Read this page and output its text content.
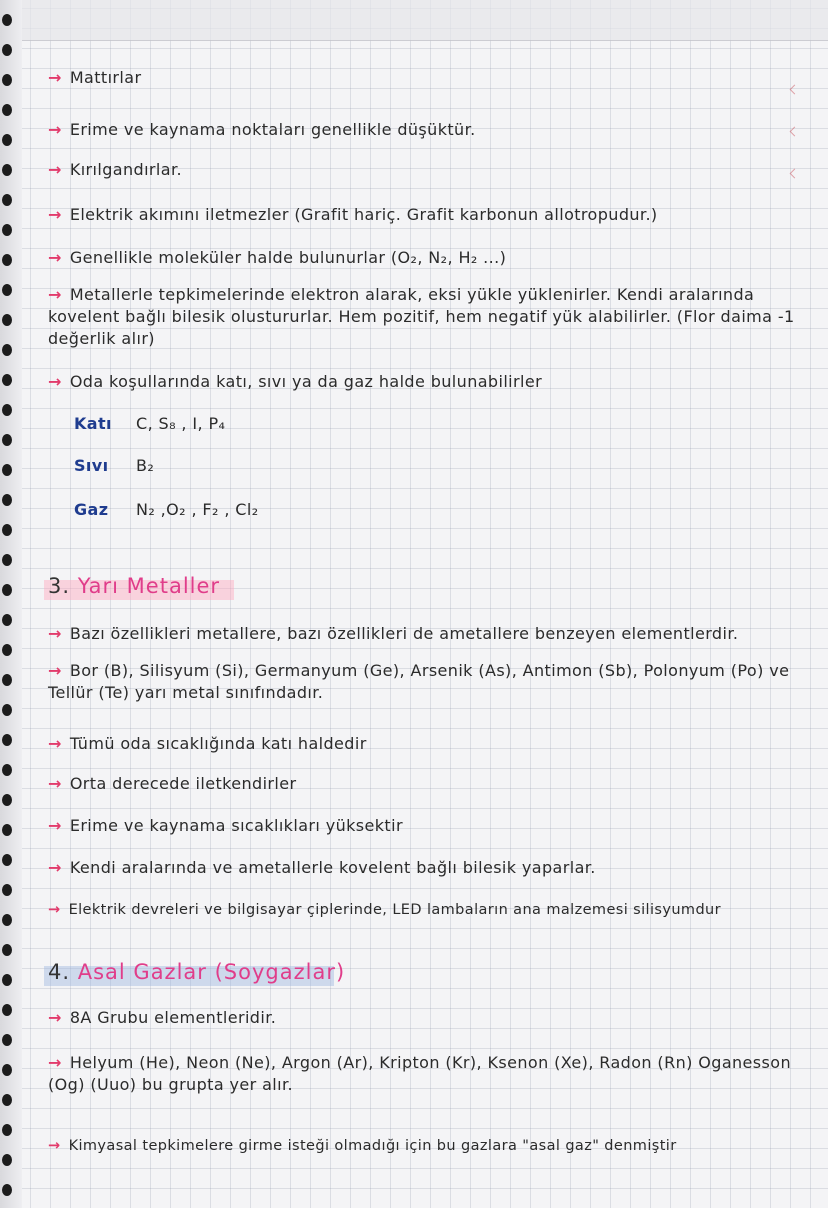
→ Mattırlar
→ Erime ve kaynama noktaları genellikle düşüktür.
→ Kırılgandırlar.
→ Elektrik akımını iletmezler (Grafit hariç. Grafit karbonun allotropudur.)
→ Genellikle moleküler halde bulunurlar (O₂, N₂, H₂ ...)
→ Metallerle tepkimelerinde elektron alarak, eksi yükle yüklenirler. Kendi aralarında kovelent bağlı bilesik olustururlar. Hem pozitif, hem negatif yük alabilirler. (Flor daima -1 değerlik alır)
→ Oda koşullarında katı, sıvı ya da gaz halde bulunabilirler
Katı C, S₈ , I, P₄
Sıvı B₂
Gaz N₂ ,O₂ , F₂ , Cl₂
3. Yarı Metaller
→ Bazı özellikleri metallere, bazı özellikleri de ametallere benzeyen elementlerdir.
→ Bor (B), Silisyum (Si), Germanyum (Ge), Arsenik (As), Antimon (Sb), Polonyum (Po) ve Tellür (Te) yarı metal sınıfındadır.
→ Tümü oda sıcaklığında katı haldedir
→ Orta derecede iletkendirler
→ Erime ve kaynama sıcaklıkları yüksektir
→ Kendi aralarında ve ametallerle kovelent bağlı bilesik yaparlar.
→ Elektrik devreleri ve bilgisayar çiplerinde, LED lambaların ana malzemesi silisyumdur
4. Asal Gazlar (Soygazlar)
→ 8A Grubu elementleridir.
→ Helyum (He), Neon (Ne), Argon (Ar), Kripton (Kr), Ksenon (Xe), Radon (Rn) Oganesson (Og) (Uuo) bu grupta yer alır.
→ Kimyasal tepkimelere girme isteği olmadığı için bu gazlara "asal gaz" denmiştir
